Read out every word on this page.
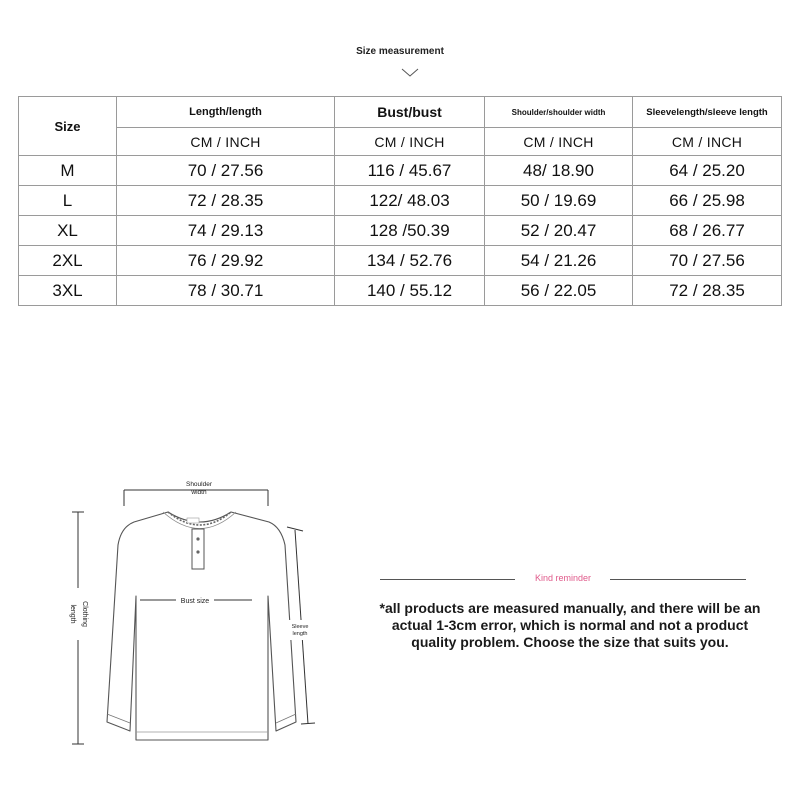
Size measurement
Size	Length/length	Bust/bust	Shoulder/shoulder width	Sleevelength/sleeve length
	CM / INCH	CM / INCH	CM / INCH	CM / INCH
M	70 / 27.56	116 / 45.67	48/ 18.90	64 / 25.20
L	72 / 28.35	122/ 48.03	50 / 19.69	66 / 25.98
XL	74 / 29.13	128 /50.39	52 / 20.47	68 / 26.77
2XL	76 / 29.92	134 / 52.76	54 / 21.26	70 / 27.56
3XL	78 / 30.71	140 / 55.12	56 / 22.05	72 / 28.35
Shoulder
width
Clothing
length
Bust size
Sleeve
length
Kind reminder
*all products are measured manually, and there will be an actual 1-3cm error, which is normal and not a product quality problem. Choose the size that suits you.
